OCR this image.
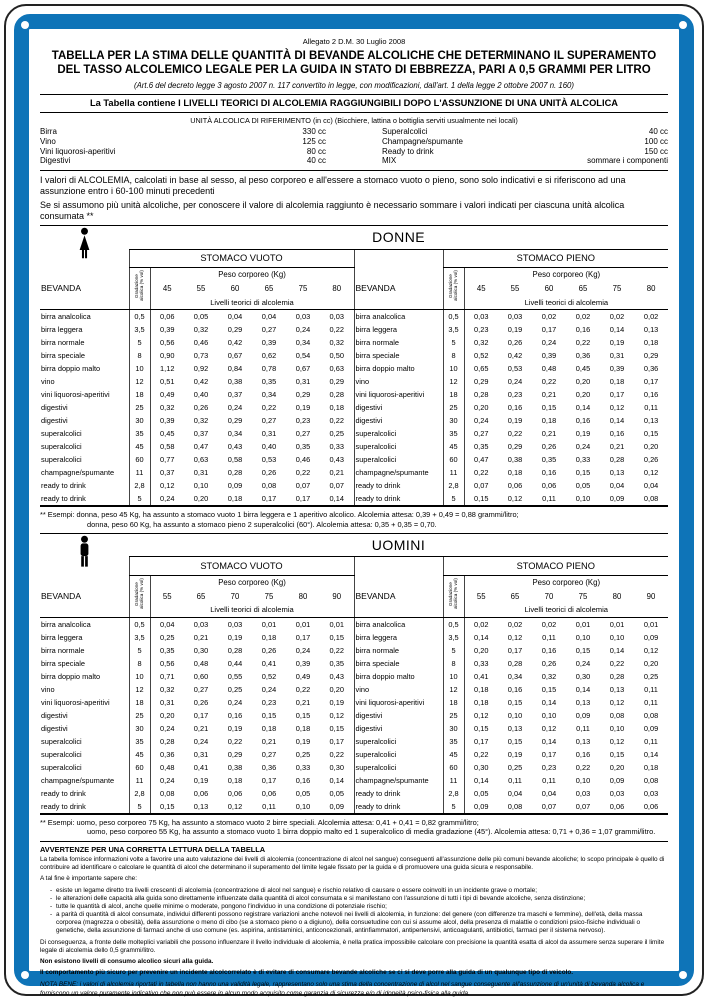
Allegato 2 D.M. 30 Luglio 2008
TABELLA PER LA STIMA DELLE QUANTITÀ DI BEVANDE ALCOLICHE CHE DETERMINANO IL SUPERAMENTO DEL TASSO ALCOLEMICO LEGALE PER LA GUIDA IN STATO DI EBBREZZA, PARI A 0,5 GRAMMI PER LITRO
(Art.6 del decreto legge 3 agosto 2007 n. 117 convertito in legge, con modificazioni, dall'art. 1 della legge 2 ottobre 2007 n. 160)
La Tabella contiene I LIVELLI TEORICI DI ALCOLEMIA RAGGIUNGIBILI DOPO L'ASSUNZIONE DI UNA UNITÀ ALCOLICA
UNITÀ ALCOLICA DI RIFERIMENTO (in cc) (Bicchiere, lattina o bottiglia serviti usualmente nei locali)
Birra	330 cc
Vino	125 cc
Vini liquorosi-aperitivi	80 cc
Digestivi	40 cc
Superalcolici	40 cc
Champagne/spumante	100 cc
Ready to drink	150 cc
MIX	sommare i componenti
I valori di ALCOLEMIA, calcolati in base al sesso, al peso corporeo e all'essere a stomaco vuoto o pieno, sono solo indicativi e si riferiscono ad una assunzione entro i 60-100 minuti precedenti
Se si assumono più unità alcoliche, per conoscere il valore di alcolemia raggiunto è necessario sommare i valori indicati per ciascuna unità alcolica consumata **
	DONNE														
	STOMACO VUOTO								STOMACO PIENO						
BEVANDA	Gradazione alcolica (% vol)	Peso corporeo (Kg)						BEVANDA	Gradazione alcolica (% vol)	Peso corporeo (Kg)					
		45	55	60	65	75	80			45	55	60	65	75	80
		Livelli teorici di alcolemia								Livelli teorici di alcolemia					
birra analcolica	0,5	0,06	0,05	0,04	0,04	0,03	0,03	birra analcolica	0,5	0,03	0,03	0,02	0,02	0,02	0,02
birra leggera	3,5	0,39	0,32	0,29	0,27	0,24	0,22	birra leggera	3,5	0,23	0,19	0,17	0,16	0,14	0,13
birra normale	5	0,56	0,46	0,42	0,39	0,34	0,32	birra normale	5	0,32	0,26	0,24	0,22	0,19	0,18
birra speciale	8	0,90	0,73	0,67	0,62	0,54	0,50	birra speciale	8	0,52	0,42	0,39	0,36	0,31	0,29
birra doppio malto	10	1,12	0,92	0,84	0,78	0,67	0,63	birra doppio malto	10	0,65	0,53	0,48	0,45	0,39	0,36
vino	12	0,51	0,42	0,38	0,35	0,31	0,29	vino	12	0,29	0,24	0,22	0,20	0,18	0,17
vini liquorosi-aperitivi	18	0,49	0,40	0,37	0,34	0,29	0,28	vini liquorosi-aperitivi	18	0,28	0,23	0,21	0,20	0,17	0,16
digestivi	25	0,32	0,26	0,24	0,22	0,19	0,18	digestivi	25	0,20	0,16	0,15	0,14	0,12	0,11
digestivi	30	0,39	0,32	0,29	0,27	0,23	0,22	digestivi	30	0,24	0,19	0,18	0,16	0,14	0,13
superalcolici	35	0,45	0,37	0,34	0,31	0,27	0,25	superalcolici	35	0,27	0,22	0,21	0,19	0,16	0,15
superalcolici	45	0,58	0,47	0,43	0,40	0,35	0,33	superalcolici	45	0,35	0,29	0,26	0,24	0,21	0,20
superalcolici	60	0,77	0,63	0,58	0,53	0,46	0,43	superalcolici	60	0,47	0,38	0,35	0,33	0,28	0,26
champagne/spumante	11	0,37	0,31	0,28	0,26	0,22	0,21	champagne/spumante	11	0,22	0,18	0,16	0,15	0,13	0,12
ready to drink	2,8	0,12	0,10	0,09	0,08	0,07	0,07	ready to drink	2,8	0,07	0,06	0,06	0,05	0,04	0,04
ready to drink	5	0,24	0,20	0,18	0,17	0,17	0,14	ready to drink	5	0,15	0,12	0,11	0,10	0,09	0,08
** Esempi: donna, peso 45 Kg, ha assunto a stomaco vuoto 1 birra leggera e 1 aperitivo alcolico. Alcolemia attesa: 0,39 + 0,49 = 0,88 grammi/litro;
donna, peso 60 Kg, ha assunto a stomaco pieno 2 superalcolici (60°). Alcolemia attesa: 0,35 + 0,35 = 0,70.
	UOMINI														
	STOMACO VUOTO								STOMACO PIENO						
BEVANDA	Gradazione alcolica (% vol)	Peso corporeo (Kg)						BEVANDA	Gradazione alcolica (% vol)	Peso corporeo (Kg)					
		55	65	70	75	80	90			55	65	70	75	80	90
		Livelli teorici di alcolemia								Livelli teorici di alcolemia					
birra analcolica	0,5	0,04	0,03	0,03	0,01	0,01	0,01	birra analcolica	0,5	0,02	0,02	0,02	0,01	0,01	0,01
birra leggera	3,5	0,25	0,21	0,19	0,18	0,17	0,15	birra leggera	3,5	0,14	0,12	0,11	0,10	0,10	0,09
birra normale	5	0,35	0,30	0,28	0,26	0,24	0,22	birra normale	5	0,20	0,17	0,16	0,15	0,14	0,12
birra speciale	8	0,56	0,48	0,44	0,41	0,39	0,35	birra speciale	8	0,33	0,28	0,26	0,24	0,22	0,20
birra doppio malto	10	0,71	0,60	0,55	0,52	0,49	0,43	birra doppio malto	10	0,41	0,34	0,32	0,30	0,28	0,25
vino	12	0,32	0,27	0,25	0,24	0,22	0,20	vino	12	0,18	0,16	0,15	0,14	0,13	0,11
vini liquorosi-aperitivi	18	0,31	0,26	0,24	0,23	0,21	0,19	vini liquorosi-aperitivi	18	0,18	0,15	0,14	0,13	0,12	0,11
digestivi	25	0,20	0,17	0,16	0,15	0,15	0,12	digestivi	25	0,12	0,10	0,10	0,09	0,08	0,08
digestivi	30	0,24	0,21	0,19	0,18	0,18	0,15	digestivi	30	0,15	0,13	0,12	0,11	0,10	0,09
superalcolici	35	0,28	0,24	0,22	0,21	0,19	0,17	superalcolici	35	0,17	0,15	0,14	0,13	0,12	0,11
superalcolici	45	0,36	0,31	0,29	0,27	0,25	0,22	superalcolici	45	0,22	0,19	0,17	0,16	0,15	0,14
superalcolici	60	0,48	0,41	0,38	0,36	0,33	0,30	superalcolici	60	0,30	0,25	0,23	0,22	0,20	0,18
champagne/spumante	11	0,24	0,19	0,18	0,17	0,16	0,14	champagne/spumante	11	0,14	0,11	0,11	0,10	0,09	0,08
ready to drink	2,8	0,08	0,06	0,06	0,06	0,05	0,05	ready to drink	2,8	0,05	0,04	0,04	0,03	0,03	0,03
ready to drink	5	0,15	0,13	0,12	0,11	0,10	0,09	ready to drink	5	0,09	0,08	0,07	0,07	0,06	0,06
** Esempi: uomo, peso corporeo 75 Kg, ha assunto a stomaco vuoto 2 birre speciali. Alcolemia attesa: 0,41 + 0,41 = 0,82 grammi/litro;
uomo, peso corporeo 55 Kg, ha assunto a stomaco vuoto 1 birra doppio malto ed 1 superalcolico di media gradazione (45°). Alcolemia attesa: 0,71 + 0,36 = 1,07 grammi/litro.
AVVERTENZE PER UNA CORRETTA LETTURA DELLA TABELLA

La tabella fornisce informazioni volte a favorire una auto valutazione dei livelli di alcolemia (concentrazione di alcol nel sangue) conseguenti all'assunzione delle più comuni bevande alcoliche; lo scopo principale è quello di contribuire ad identificare o calcolare le quantità di alcol che determinano il superamento del limite legale fissato per la guida e di promuovere una guida sicura e responsabile.

A tal fine è importante sapere che:

- esiste un legame diretto tra livelli crescenti di alcolemia (concentrazione di alcol nel sangue) e rischio relativo di causare o essere coinvolti in un incidente grave o mortale;
- le alterazioni delle capacità alla guida sono direttamente influenzate dalla quantità di alcol consumata e si manifestano con l'assunzione di tutti i tipi di bevande alcoliche, senza distinzione;
- tutte le quantità di alcol, anche quelle minime o moderate, pongono l'individuo in una condizione di potenziale rischio;
- a parità di quantità di alcol consumate, individui differenti possono registrare variazioni anche notevoli nei livelli di alcolemia, in funzione: del genere (con differenze tra maschi e femmine), dell'età, della massa corporea (magrezza o obesità), della assunzione o meno di cibo (se a stomaco pieno o a digiuno), della consuetudine con cui si assume alcol, della presenza di malattie o condizioni psico-fisiche individuali o genetiche, della assunzione di farmaci anche di uso comune (es. aspirina, antistaminici, anticoncezionali, antinfiammatori, antipertensivi, anticoagulanti, antibiotici, farmaci per il sistema nervoso).

Di conseguenza, a fronte delle molteplici variabili che possono influenzare il livello individuale di alcolemia, è nella pratica impossibile calcolare con precisione la quantità esatta di alcol da assumere senza superare il limite legale di alcolemia dello 0,5 grammi/litro.

Non esistono livelli di consumo alcolico sicuri alla guida.

Il comportamento più sicuro per prevenire un incidente alcolcorrelato è di evitare di consumare bevande alcoliche se ci si deve porre alla guida di un qualunque tipo di veicolo.

NOTA BENE: i valori di alcolemia riportati in tabella non hanno una validità legale, rappresentano solo una stima della concentrazione di alcol nel sangue conseguente all'assunzione di un'unità di bevanda alcolica e forniscono un valore puramente indicativo che non può essere in alcun modo acquisito come garanzia di sicurezza e/o di idoneità psico-fisica alla guida.
